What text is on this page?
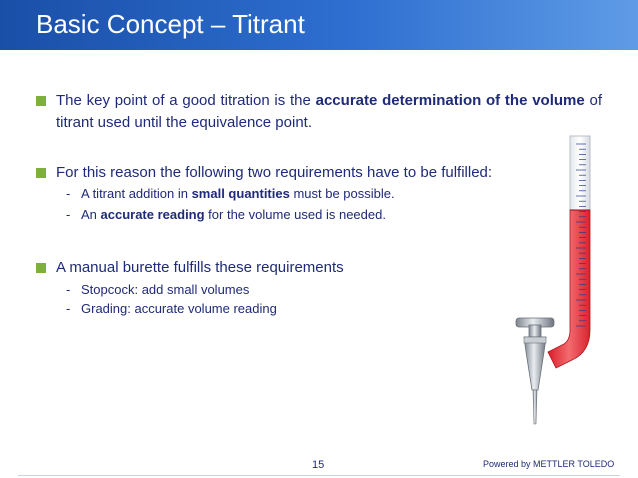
Basic Concept – Titrant
The key point of a good titration is the accurate determination of the volume of titrant used until the equivalence point.
For this reason the following two requirements have to be fulfilled:
- A titrant addition in small quantities must be possible.
- An accurate reading for the volume used is needed.
A manual burette fulfills these requirements
- Stopcock: add small volumes
- Grading: accurate volume reading
15	Powered by METTLER TOLEDO
